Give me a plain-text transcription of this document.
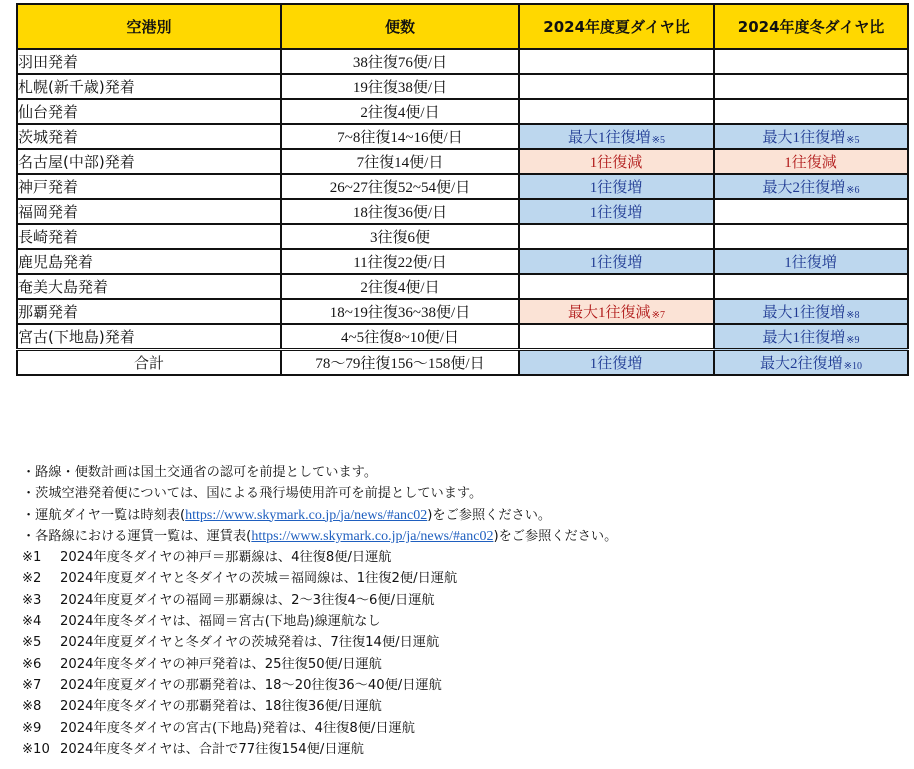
空港別	便数	2024年度夏ダイヤ比	2024年度冬ダイヤ比
羽田発着	38往復76便/日		
札幌(新千歳)発着	19往復38便/日		
仙台発着	2往復4便/日		
茨城発着	7~8往復14~16便/日	最大1往復増※5	最大1往復増※5
名古屋(中部)発着	7往復14便/日	1往復減	1往復減
神戸発着	26~27往復52~54便/日	1往復増	最大2往復増※6
福岡発着	18往復36便/日	1往復増	
長崎発着	3往復6便		
鹿児島発着	11往復22便/日	1往復増	1往復増
奄美大島発着	2往復4便/日		
那覇発着	18~19往復36~38便/日	最大1往復減※7	最大1往復増※8
宮古(下地島)発着	4~5往復8~10便/日		最大1往復増※9
合計	78〜79往復156〜158便/日	1往復増	最大2往復増※10
・路線・便数計画は国土交通省の認可を前提としています。
・茨城空港発着便については、国による飛行場使用許可を前提としています。
・運航ダイヤ一覧は時刻表(https://www.skymark.co.jp/ja/news/#anc02)をご参照ください。
・各路線における運賃一覧は、運賃表(https://www.skymark.co.jp/ja/news/#anc02)をご参照ください。
※1	2024年度冬ダイヤの神戸＝那覇線は、4往復8便/日運航
※2	2024年度夏ダイヤと冬ダイヤの茨城＝福岡線は、1往復2便/日運航
※3	2024年度夏ダイヤの福岡＝那覇線は、2〜3往復4〜6便/日運航
※4	2024年度冬ダイヤは、福岡＝宮古(下地島)線運航なし
※5	2024年度夏ダイヤと冬ダイヤの茨城発着は、7往復14便/日運航
※6	2024年度冬ダイヤの神戸発着は、25往復50便/日運航
※7	2024年度夏ダイヤの那覇発着は、18〜20往復36〜40便/日運航
※8	2024年度冬ダイヤの那覇発着は、18往復36便/日運航
※9	2024年度冬ダイヤの宮古(下地島)発着は、4往復8便/日運航
※10 2024年度冬ダイヤは、合計で77往復154便/日運航
